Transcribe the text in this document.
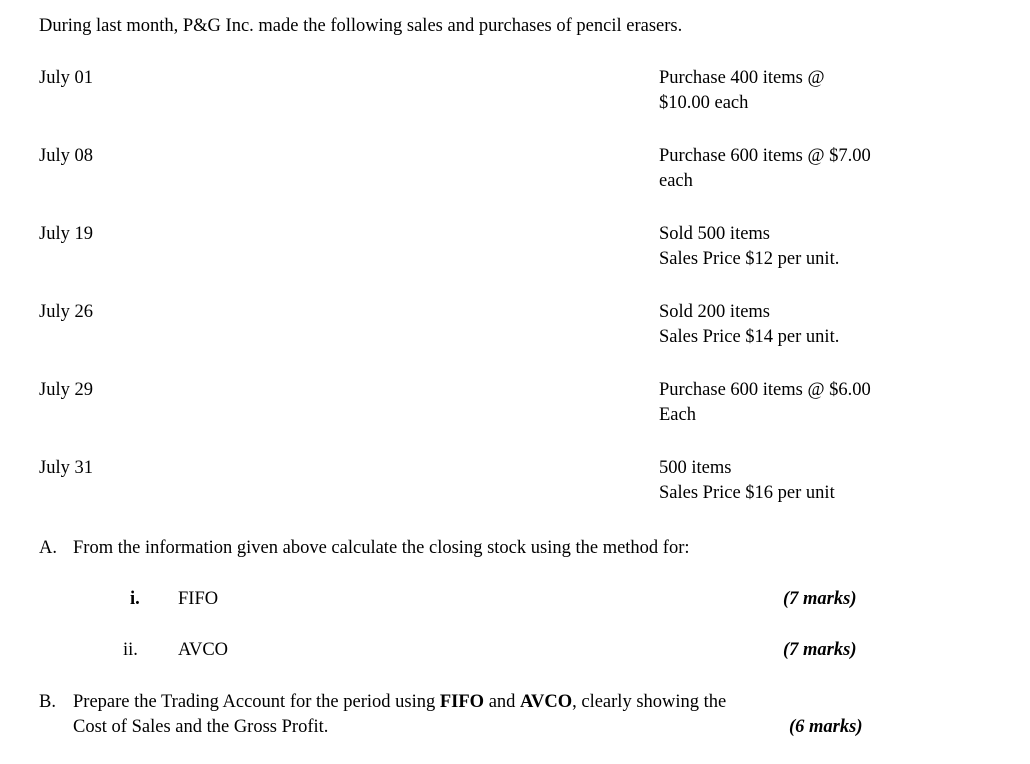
During last month, P&G Inc. made the following sales and purchases of pencil erasers.
July 01	Purchase 400 items @
$10.00 each
July 08	Purchase 600 items @ $7.00
each
July 19	Sold 500 items
Sales Price $12 per unit.
July 26	Sold 200 items
Sales Price $14 per unit.
July 29	Purchase 600 items @ $6.00
Each
July 31	500 items
Sales Price $16 per unit
A. From the information given above calculate the closing stock using the method for:
i. FIFO	(7 marks)
ii. AVCO	(7 marks)
B. Prepare the Trading Account for the period using FIFO and AVCO, clearly showing the
Cost of Sales and the Gross Profit.	(6 marks)
